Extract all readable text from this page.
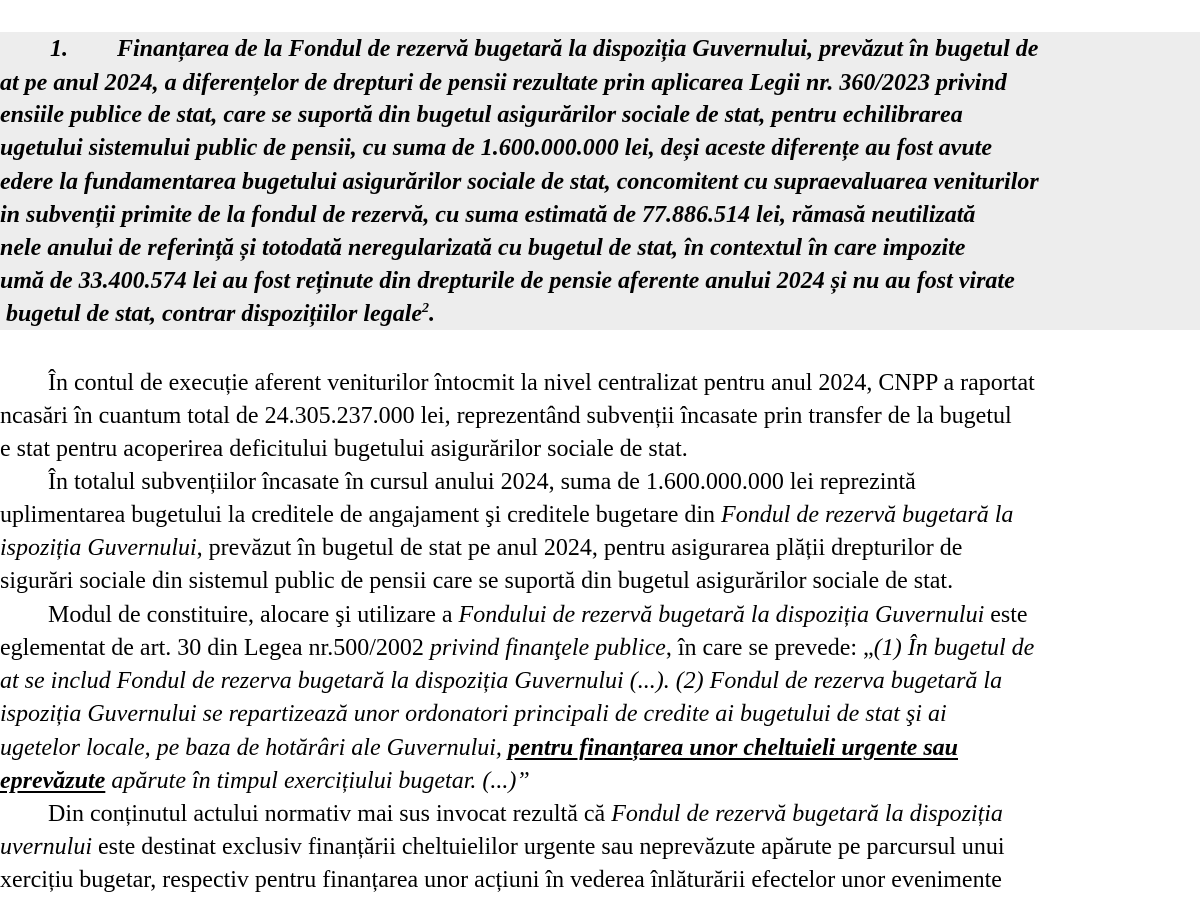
1. Finanțarea de la Fondul de rezervă bugetară la dispoziția Guvernului, prevăzut în bugetul de
at pe anul 2024, a diferențelor de drepturi de pensii rezultate prin aplicarea Legii nr. 360/2023 privind
ensiile publice de stat, care se suportă din bugetul asigurărilor sociale de stat, pentru echilibrarea
ugetului sistemului public de pensii, cu suma de 1.600.000.000 lei, deși aceste diferențe au fost avute
edere la fundamentarea bugetului asigurărilor sociale de stat, concomitent cu supraevaluarea veniturilor
in subvenții primite de la fondul de rezervă, cu suma estimată de 77.886.514 lei, rămasă neutilizată
nele anului de referință și totodată neregularizată cu bugetul de stat, în contextul în care impozite
umă de 33.400.574 lei au fost reținute din drepturile de pensie aferente anului 2024 și nu au fost virate
bugetul de stat, contrar dispozițiilor legale$^2$.
În contul de execuție aferent veniturilor întocmit la nivel centralizat pentru anul 2024, CNPP a raportat
ncasări în cuantum total de 24.305.237.000 lei, reprezentând subvenții încasate prin transfer de la bugetul
e stat pentru acoperirea deficitului bugetului asigurărilor sociale de stat.
În totalul subvențiilor încasate în cursul anului 2024, suma de 1.600.000.000 lei reprezintă
uplimentarea bugetului la creditele de angajament şi creditele bugetare din Fondul de rezervă bugetară la
ispoziția Guvernului, prevăzut în bugetul de stat pe anul 2024, pentru asigurarea plății drepturilor de
sigurări sociale din sistemul public de pensii care se suportă din bugetul asigurărilor sociale de stat.
Modul de constituire, alocare şi utilizare a Fondului de rezervă bugetară la dispoziția Guvernului este
eglementat de art. 30 din Legea nr.500/2002 privind finanţele publice, în care se prevede: „(1) În bugetul de
at se includ Fondul de rezerva bugetară la dispoziția Guvernului (...). (2) Fondul de rezerva bugetară la
ispoziția Guvernului se repartizează unor ordonatori principali de credite ai bugetului de stat şi ai
ugetelor locale, pe baza de hotărâri ale Guvernului, pentru finanțarea unor cheltuieli urgente sau
eprevăzute apărute în timpul exercițiului bugetar. (...)”
Din conținutul actului normativ mai sus invocat rezultă că Fondul de rezervă bugetară la dispoziția
uvernului este destinat exclusiv finanțării cheltuielilor urgente sau neprevăzute apărute pe parcursul unui
xercițiu bugetar, respectiv pentru finanțarea unor acțiuni în vederea înlăturării efectelor unor evenimente
